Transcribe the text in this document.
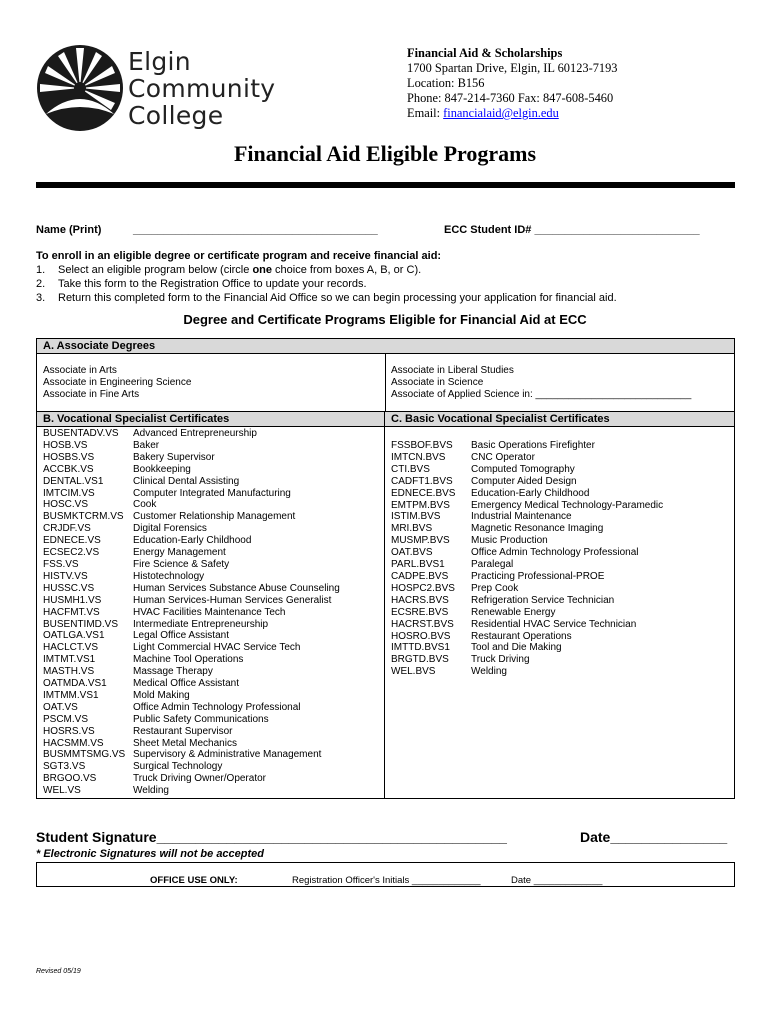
Elgin
Community
College
Financial Aid & Scholarships
1700 Spartan Drive, Elgin, IL 60123-7193
Location: B156
Phone: 847-214-7360 Fax: 847-608-5460
Email: financialaid@elgin.edu
Financial Aid Eligible Programs
Name (Print)	________________________________________	ECC Student ID# ___________________________
To enroll in an eligible degree or certificate program and receive financial aid:
1. Select an eligible program below (circle one choice from boxes A, B, or C).
2. Take this form to the Registration Office to update your records.
3. Return this completed form to the Financial Aid Office so we can begin processing your application for financial aid.
Degree and Certificate Programs Eligible for Financial Aid at ECC
A. Associate Degrees
Associate in Arts
Associate in Engineering Science
Associate in Fine Arts
Associate in Liberal Studies
Associate in Science
Associate of Applied Science in: ____________________________
B. Vocational Specialist Certificates
BUSENTADV.VS Advanced Entrepreneurship
HOSB.VS	Baker
HOSBS.VS	Bakery Supervisor
ACCBK.VS	Bookkeeping
DENTAL.VS1	Clinical Dental Assisting
IMTCIM.VS	Computer Integrated Manufacturing
HOSC.VS	Cook
BUSMKTCRM.VS Customer Relationship Management
CRJDF.VS	Digital Forensics
EDNECE.VS	Education-Early Childhood
ECSEC2.VS	Energy Management
FSS.VS	Fire Science & Safety
HISTV.VS	Histotechnology
HUSSC.VS	Human Services Substance Abuse Counseling
HUSMH1.VS	Human Services-Human Services Generalist
HACFMT.VS	HVAC Facilities Maintenance Tech
BUSENTIMD.VS Intermediate Entrepreneurship
OATLGA.VS1	Legal Office Assistant
HACLCT.VS	Light Commercial HVAC Service Tech
IMTMT.VS1	Machine Tool Operations
MASTH.VS	Massage Therapy
OATMDA.VS1	Medical Office Assistant
IMTMM.VS1	Mold Making
OAT.VS	Office Admin Technology Professional
PSCM.VS	Public Safety Communications
HOSRS.VS	Restaurant Supervisor
HACSMM.VS	Sheet Metal Mechanics
BUSMMTSMG.VS Supervisory & Administrative Management
SGT3.VS	Surgical Technology
BRGOO.VS	Truck Driving Owner/Operator
WEL.VS	Welding
C. Basic Vocational Specialist Certificates
FSSBOF.BVS Basic Operations Firefighter
IMTCN.BVS	CNC Operator
CTI.BVS	Computed Tomography
CADFT1.BVS Computer Aided Design
EDNECE.BVS Education-Early Childhood
EMTPM.BVS Emergency Medical Technology-Paramedic
ISTIM.BVS	Industrial Maintenance
MRI.BVS	Magnetic Resonance Imaging
MUSMP.BVS Music Production
OAT.BVS	Office Admin Technology Professional
PARL.BVS1	Paralegal
CADPE.BVS Practicing Professional-PROE
HOSPC2.BVS Prep Cook
HACRS.BVS Refrigeration Service Technician
ECSRE.BVS Renewable Energy
HACRST.BVS Residential HVAC Service Technician
HOSRO.BVS Restaurant Operations
IMTTD.BVS1 Tool and Die Making
BRGTD.BVS Truck Driving
WEL.BVS	Welding
Student Signature_____________________________________________	Date_______________
* Electronic Signatures will not be accepted
OFFICE USE ONLY:	Registration Officer's Initials _____________	Date _____________
Revised 05/19
